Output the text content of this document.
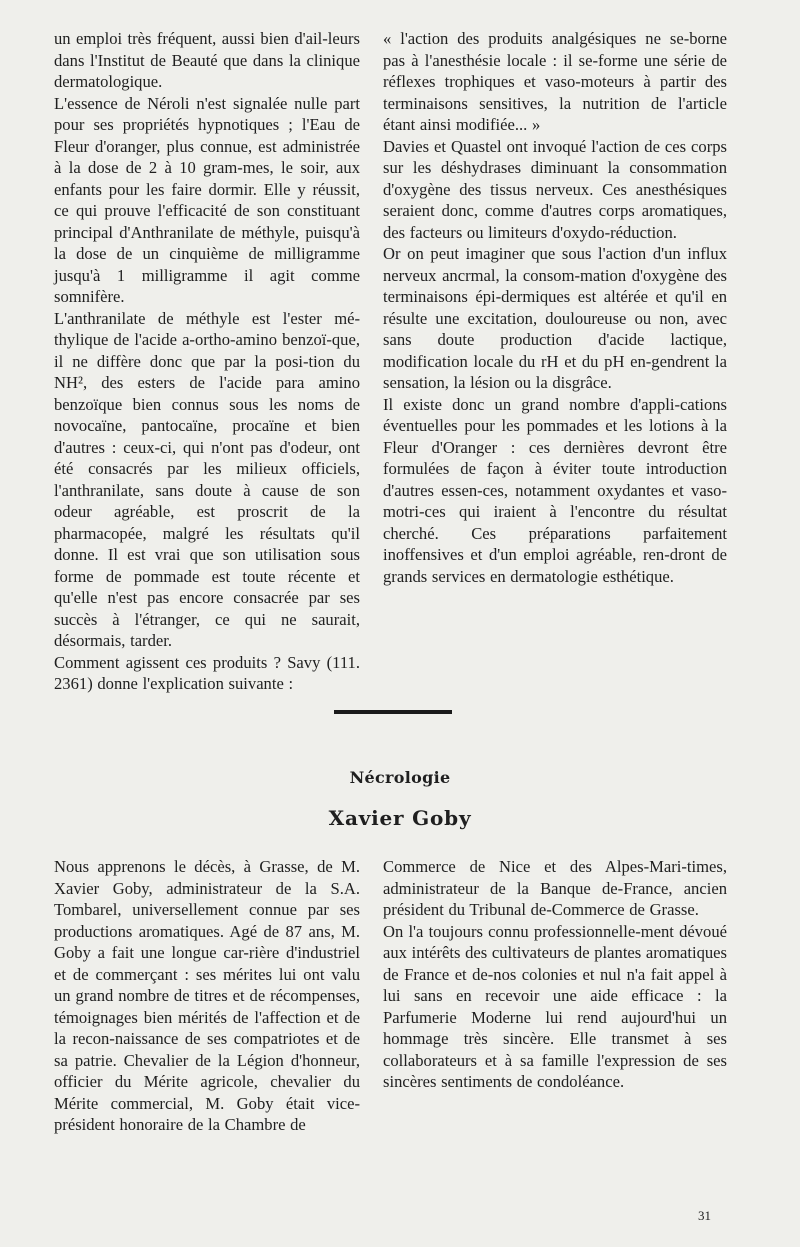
un emploi très fréquent, aussi bien d'ail-leurs dans l'Institut de Beauté que dans la clinique dermatologique.

L'essence de Néroli n'est signalée nulle part pour ses propriétés hypnotiques ; l'Eau de Fleur d'oranger, plus connue, est administrée à la dose de 2 à 10 gram-mes, le soir, aux enfants pour les faire dormir. Elle y réussit, ce qui prouve l'efficacité de son constituant principal d'Anthranilate de méthyle, puisqu'à la dose de un cinquième de milligramme jusqu'à 1 milligramme il agit comme somnifère.

L'anthranilate de méthyle est l'ester mé-thylique de l'acide a-ortho-amino benzoï-que, il ne diffère donc que par la posi-tion du NH², des esters de l'acide para amino benzoïque bien connus sous les noms de novocaïne, pantocaïne, procaïne et bien d'autres : ceux-ci, qui n'ont pas d'odeur, ont été consacrés par les milieux officiels, l'anthranilate, sans doute à cause de son odeur agréable, est proscrit de la pharmacopée, malgré les résultats qu'il donne. Il est vrai que son utilisation sous forme de pommade est toute récente et qu'elle n'est pas encore consacrée par ses succès à l'étranger, ce qui ne saurait, désormais, tarder.

Comment agissent ces produits ? Savy (111. 2361) donne l'explication suivante :

« l'action des produits analgésiques ne se-borne pas à l'anesthésie locale : il se-forme une série de réflexes trophiques et vaso-moteurs à partir des terminaisons sensitives, la nutrition de l'article étant ainsi modifiée... »

Davies et Quastel ont invoqué l'action de ces corps sur les déshydrases diminuant la consommation d'oxygène des tissus nerveux. Ces anesthésiques seraient donc, comme d'autres corps aromatiques, des facteurs ou limiteurs d'oxydo-réduction.

Or on peut imaginer que sous l'action d'un influx nerveux ancrmal, la consom-mation d'oxygène des terminaisons épi-dermiques est altérée et qu'il en résulte une excitation, douloureuse ou non, avec sans doute production d'acide lactique, modification locale du rH et du pH en-gendrent la sensation, la lésion ou la disgrâce.

Il existe donc un grand nombre d'appli-cations éventuelles pour les pommades et les lotions à la Fleur d'Oranger : ces dernières devront être formulées de façon à éviter toute introduction d'autres essen-ces, notamment oxydantes et vaso-motri-ces qui iraient à l'encontre du résultat cherché. Ces préparations parfaitement inoffensives et d'un emploi agréable, ren-dront de grands services en dermatologie esthétique.

Nécrologie
Xavier Goby

Nous apprenons le décès, à Grasse, de M. Xavier Goby, administrateur de la S.A. Tombarel, universellement connue par ses productions aromatiques. Agé de 87 ans, M. Goby a fait une longue car-rière d'industriel et de commerçant : ses mérites lui ont valu un grand nombre de titres et de récompenses, témoignages bien mérités de l'affection et de la recon-naissance de ses compatriotes et de sa patrie. Chevalier de la Légion d'honneur, officier du Mérite agricole, chevalier du Mérite commercial, M. Goby était vice-président honoraire de la Chambre de

Commerce de Nice et des Alpes-Mari-times, administrateur de la Banque de-France, ancien président du Tribunal de-Commerce de Grasse.

On l'a toujours connu professionnelle-ment dévoué aux intérêts des cultivateurs de plantes aromatiques de France et de-nos colonies et nul n'a fait appel à lui sans en recevoir une aide efficace : la Parfumerie Moderne lui rend aujourd'hui un hommage très sincère. Elle transmet à ses collaborateurs et à sa famille l'expression de ses sincères sentiments de condoléance.

31
